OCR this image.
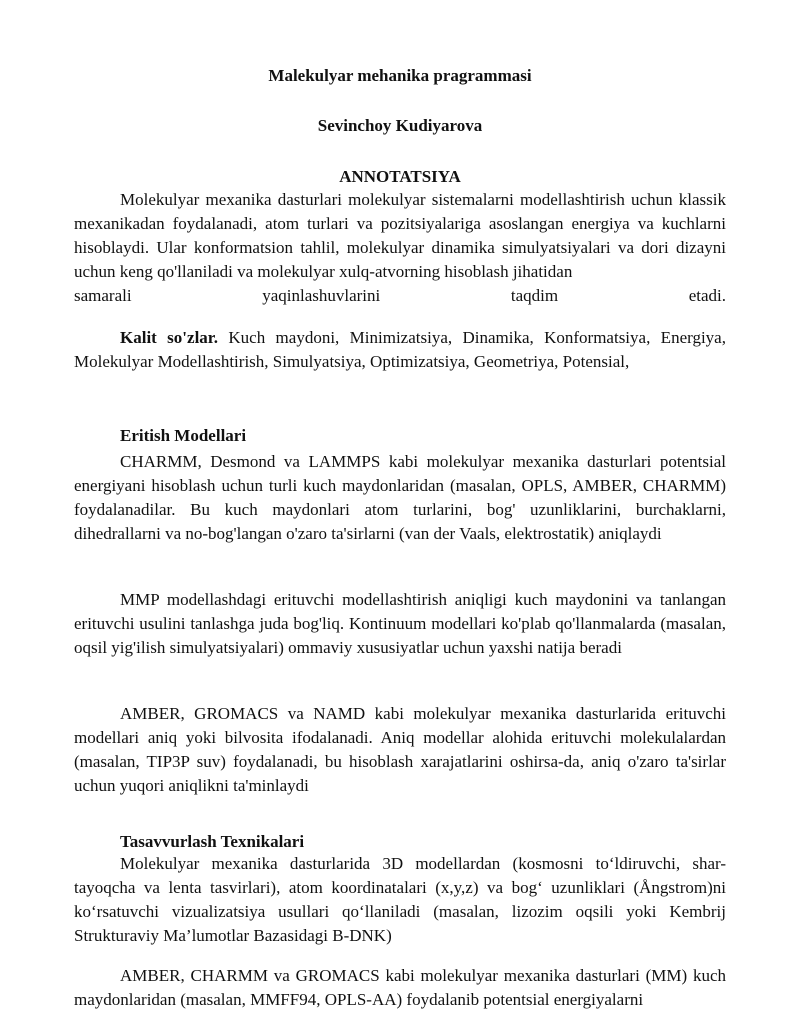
Malekulyar mehanika pragrammasi
Sevinchoy Kudiyarova
ANNOTATSIYA
Molekulyar mexanika dasturlari molekulyar sistemalarni modellashtirish uchun klassik mexanikadan foydalanadi, atom turlari va pozitsiyalariga asoslangan energiya va kuchlarni hisoblaydi. Ular konformatsion tahlil, molekulyar dinamika simulyatsiyalari va dori dizayni uchun keng qo'llaniladi va molekulyar xulq-atvorning hisoblash jihatidan
samarali yaqinlashuvlarini taqdim etadi.
Kalit so'zlar. Kuch maydoni, Minimizatsiya, Dinamika, Konformatsiya, Energiya, Molekulyar Modellashtirish, Simulyatsiya, Optimizatsiya, Geometriya, Potensial,
Eritish Modellari
CHARMM, Desmond va LAMMPS kabi molekulyar mexanika dasturlari potentsial energiyani hisoblash uchun turli kuch maydonlaridan (masalan, OPLS, AMBER, CHARMM) foydalanadilar. Bu kuch maydonlari atom turlarini, bog' uzunliklarini, burchaklarni, dihedrallarni va no-bog'langan o'zaro ta'sirlarni (van der Vaals, elektrostatik) aniqlaydi
MMP modellashdagi erituvchi modellashtirish aniqligi kuch maydonini va tanlangan erituvchi usulini tanlashga juda bog'liq. Kontinuum modellari ko'plab qo'llanmalarda (masalan, oqsil yig'ilish simulyatsiyalari) ommaviy xususiyatlar uchun yaxshi natija beradi
AMBER, GROMACS va NAMD kabi molekulyar mexanika dasturlarida erituvchi modellari aniq yoki bilvosita ifodalanadi. Aniq modellar alohida erituvchi molekulalardan (masalan, TIP3P suv) foydalanadi, bu hisoblash xarajatlarini oshirsa-da, aniq o'zaro ta'sirlar uchun yuqori aniqlikni ta'minlaydi
Tasavvurlash Texnikalari
Molekulyar mexanika dasturlarida 3D modellardan (kosmosni to‘ldiruvchi, shar-tayoqcha va lenta tasvirlari), atom koordinatalari (x,y,z) va bog‘ uzunliklari (Ångstrom)ni ko‘rsatuvchi vizualizatsiya usullari qo‘llaniladi (masalan, lizozim oqsili yoki Kembrij Strukturaviy Ma’lumotlar Bazasidagi B-DNK)
AMBER, CHARMM va GROMACS kabi molekulyar mexanika dasturlari (MM) kuch maydonlaridan (masalan, MMFF94, OPLS-AA) foydalanib potentsial energiyalarni
